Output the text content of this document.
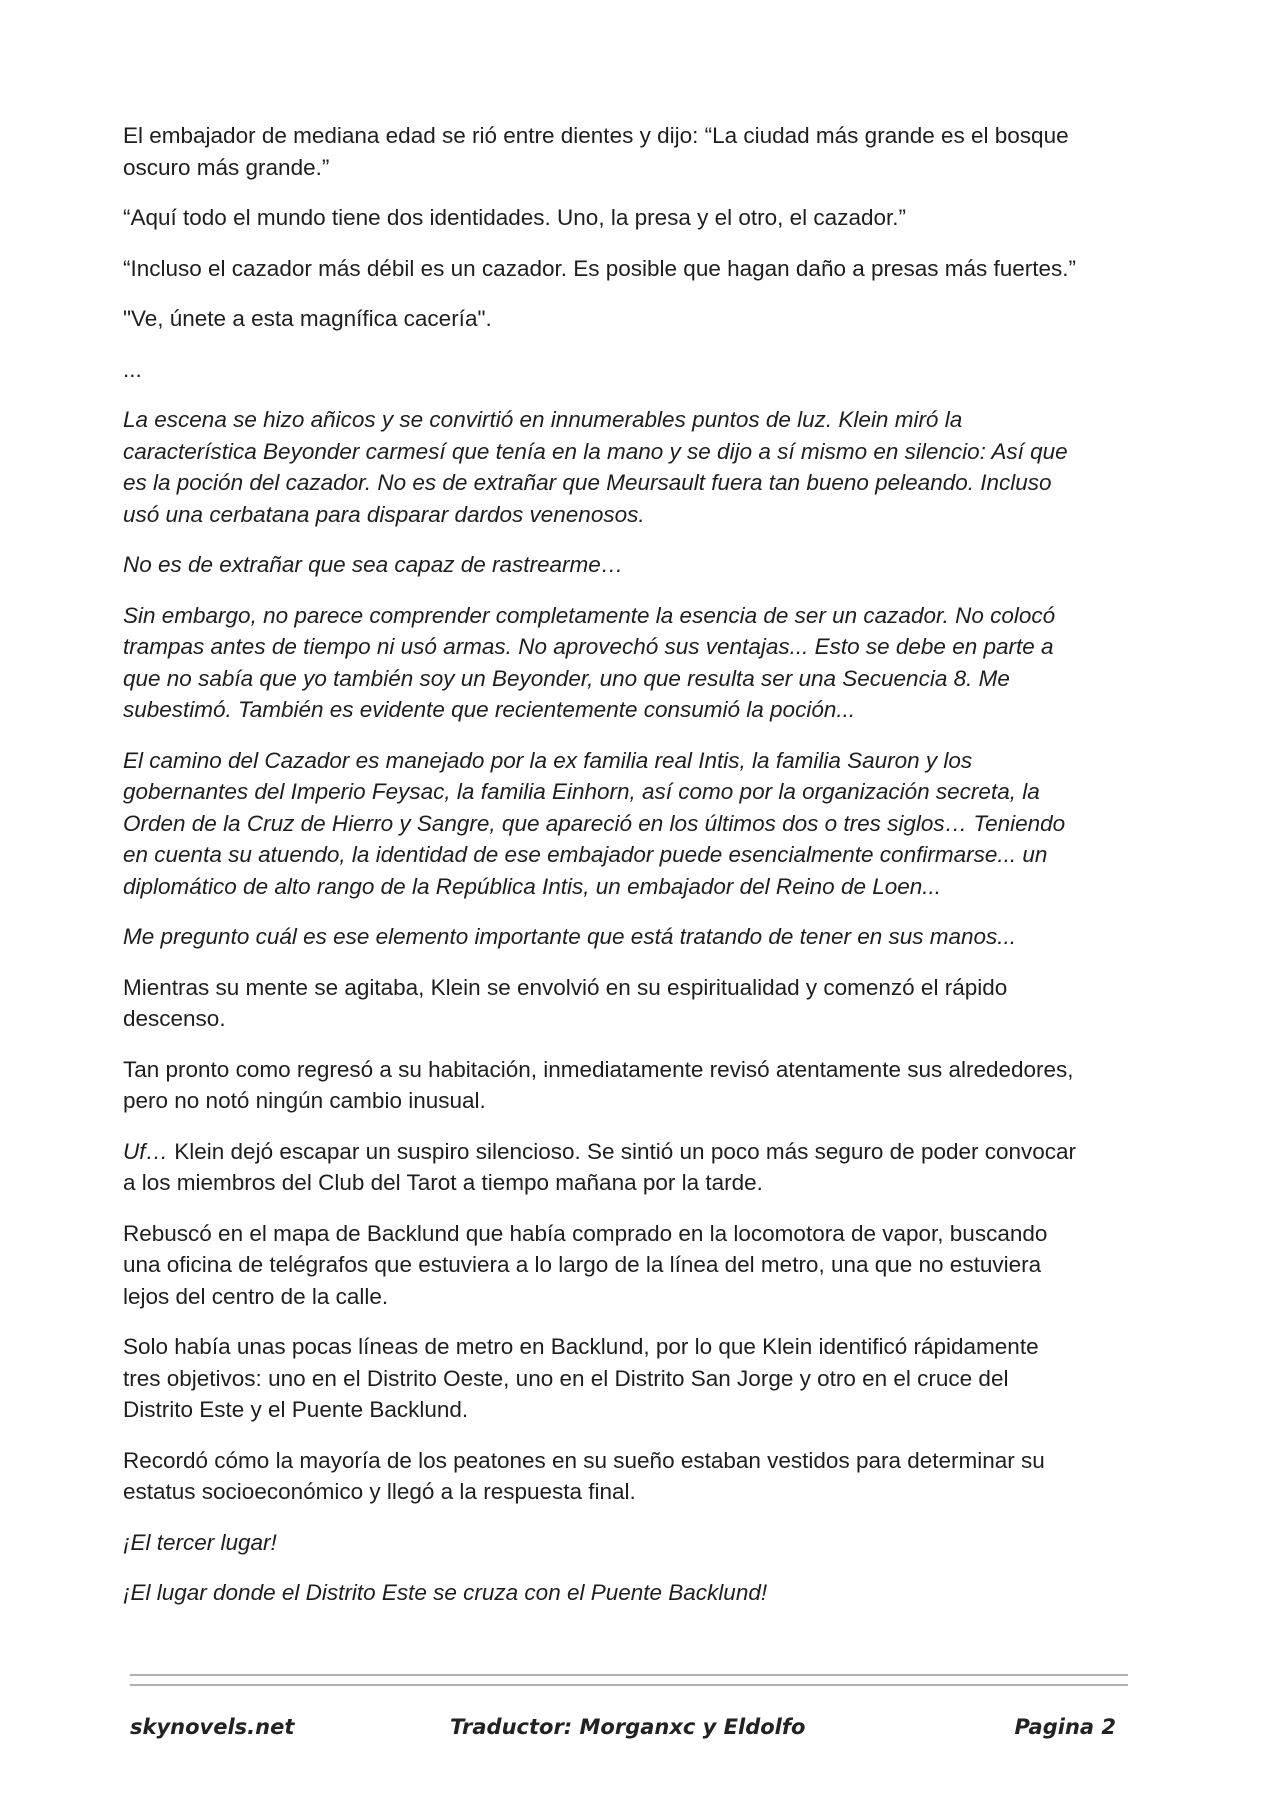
El embajador de mediana edad se rió entre dientes y dijo: “La ciudad más grande es el bosque
oscuro más grande.”

“Aquí todo el mundo tiene dos identidades. Uno, la presa y el otro, el cazador.”

“Incluso el cazador más débil es un cazador. Es posible que hagan daño a presas más fuertes.”

"Ve, únete a esta magnífica cacería".

...

La escena se hizo añicos y se convirtió en innumerables puntos de luz. Klein miró la
característica Beyonder carmesí que tenía en la mano y se dijo a sí mismo en silencio: Así que
es la poción del cazador. No es de extrañar que Meursault fuera tan bueno peleando. Incluso
usó una cerbatana para disparar dardos venenosos.

No es de extrañar que sea capaz de rastrearme…

Sin embargo, no parece comprender completamente la esencia de ser un cazador. No colocó
trampas antes de tiempo ni usó armas. No aprovechó sus ventajas... Esto se debe en parte a
que no sabía que yo también soy un Beyonder, uno que resulta ser una Secuencia 8. Me
subestimó. También es evidente que recientemente consumió la poción...

El camino del Cazador es manejado por la ex familia real Intis, la familia Sauron y los
gobernantes del Imperio Feysac, la familia Einhorn, así como por la organización secreta, la
Orden de la Cruz de Hierro y Sangre, que apareció en los últimos dos o tres siglos… Teniendo
en cuenta su atuendo, la identidad de ese embajador puede esencialmente confirmarse... un
diplomático de alto rango de la República Intis, un embajador del Reino de Loen...

Me pregunto cuál es ese elemento importante que está tratando de tener en sus manos...

Mientras su mente se agitaba, Klein se envolvió en su espiritualidad y comenzó el rápido
descenso.

Tan pronto como regresó a su habitación, inmediatamente revisó atentamente sus alrededores,
pero no notó ningún cambio inusual.

Uf… Klein dejó escapar un suspiro silencioso. Se sintió un poco más seguro de poder convocar
a los miembros del Club del Tarot a tiempo mañana por la tarde.

Rebuscó en el mapa de Backlund que había comprado en la locomotora de vapor, buscando
una oficina de telégrafos que estuviera a lo largo de la línea del metro, una que no estuviera
lejos del centro de la calle.

Solo había unas pocas líneas de metro en Backlund, por lo que Klein identificó rápidamente
tres objetivos: uno en el Distrito Oeste, uno en el Distrito San Jorge y otro en el cruce del
Distrito Este y el Puente Backlund.

Recordó cómo la mayoría de los peatones en su sueño estaban vestidos para determinar su
estatus socioeconómico y llegó a la respuesta final.

¡El tercer lugar!

¡El lugar donde el Distrito Este se cruza con el Puente Backlund!

skynovels.net	Traductor: Morganxc y Eldolfo	Pagina 2
